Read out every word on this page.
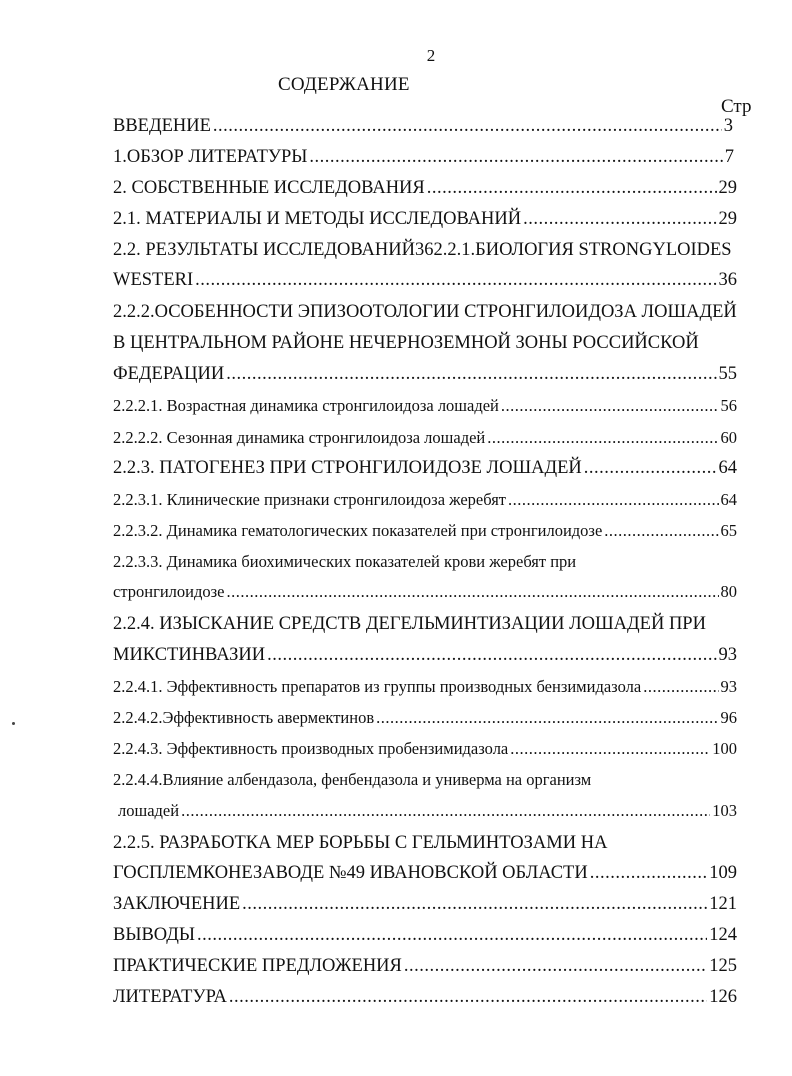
2
СОДЕРЖАНИЕ
Стр
ВВЕДЕНИЕ .....	3
1.ОБЗОР ЛИТЕРАТУРЫ .....	7
2. СОБСТВЕННЫЕ ИССЛЕДОВАНИЯ .....	29
2.1. МАТЕРИАЛЫ И МЕТОДЫ ИССЛЕДОВАНИЙ .....	29
2.2. РЕЗУЛЬТАТЫ ИССЛЕДОВАНИЙ362.2.1.БИОЛОГИЯ STRONGYLOIDES
WESTERI .....	36
2.2.2.ОСОБЕННОСТИ ЭПИЗООТОЛОГИИ СТРОНГИЛОИДОЗА ЛОШАДЕЙ
В ЦЕНТРАЛЬНОМ РАЙОНЕ НЕЧЕРНОЗЕМНОЙ ЗОНЫ РОССИЙСКОЙ
ФЕДЕРАЦИИ .....	55
2.2.2.1. Возрастная динамика стронгилоидоза лошадей .....	56
2.2.2.2. Сезонная динамика стронгилоидоза лошадей .....	60
2.2.3. ПАТОГЕНЕЗ ПРИ СТРОНГИЛОИДОЗЕ ЛОШАДЕЙ .....	64
2.2.3.1. Клинические признаки стронгилоидоза жеребят .....	64
2.2.3.2. Динамика гематологических показателей при стронгилоидозе .....	65
2.2.3.3. Динамика биохимических показателей крови жеребят при
стронгилоидозе .....	80
2.2.4. ИЗЫСКАНИЕ СРЕДСТВ ДЕГЕЛЬМИНТИЗАЦИИ ЛОШАДЕЙ ПРИ
МИКСТИНВАЗИИ .....	93
2.2.4.1. Эффективность препаратов из группы производных бензимидазола .....	93
2.2.4.2.Эффективность авермектинов .....	96
2.2.4.3. Эффективность производных пробензимидазола .....	100
2.2.4.4.Влияние албендазола, фенбендазола и универма на организм
лошадей .....	103
2.2.5. РАЗРАБОТКА МЕР БОРЬБЫ С ГЕЛЬМИНТОЗАМИ НА
ГОСПЛЕМКОНЕЗАВОДЕ №49 ИВАНОВСКОЙ ОБЛАСТИ .....	109
ЗАКЛЮЧЕНИЕ .....	121
ВЫВОДЫ .....	124
ПРАКТИЧЕСКИЕ ПРЕДЛОЖЕНИЯ .....	125
ЛИТЕРАТУРА .....	126
